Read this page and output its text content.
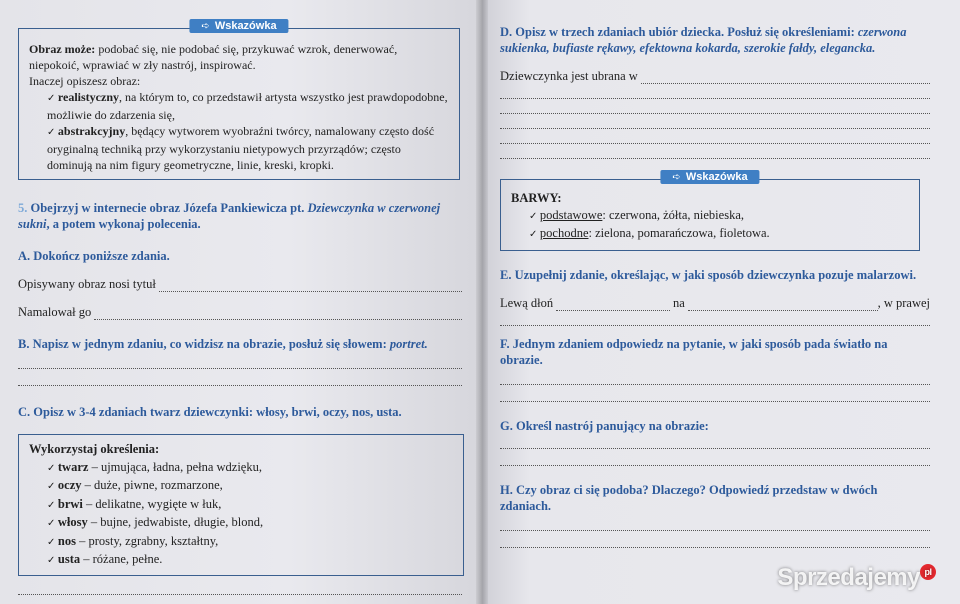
➪ Wskazówka
Obraz może: podobać się, nie podobać się, przykuwać wzrok, denerwować, niepokoić, wprawiać w zły nastrój, inspirować.
Inaczej opiszesz obraz:
✓ realistyczny, na którym to, co przedstawił artysta wszystko jest prawdopodobne, możliwie do zdarzenia się,
✓ abstrakcyjny, będący wytworem wyobraźni twórcy, namalowany często dość oryginalną techniką przy wykorzystaniu nietypowych przyrządów; często dominują na nim figury geometryczne, linie, kreski, kropki.
5. Obejrzyj w internecie obraz Józefa Pankiewicza pt. Dziewczynka w czerwonej sukni, a potem wykonaj polecenia.
A. Dokończ poniższe zdania.
Opisywany obraz nosi tytuł
Namalował go
B. Napisz w jednym zdaniu, co widzisz na obrazie, posłuż się słowem: portret.
C. Opisz w 3-4 zdaniach twarz dziewczynki: włosy, brwi, oczy, nos, usta.
Wykorzystaj określenia:
✓ twarz – ujmująca, ładna, pełna wdzięku,
✓ oczy – duże, piwne, rozmarzone,
✓ brwi – delikatne, wygięte w łuk,
✓ włosy – bujne, jedwabiste, długie, blond,
✓ nos – prosty, zgrabny, kształtny,
✓ usta – różane, pełne.
D. Opisz w trzech zdaniach ubiór dziecka. Posłuż się określeniami: czerwona sukienka, bufiaste rękawy, efektowna kokarda, szerokie fałdy, elegancka.
Dziewczynka jest ubrana w
➪ Wskazówka
BARWY:
✓ podstawowe: czerwona, żółta, niebieska,
✓ pochodne: zielona, pomarańczowa, fioletowa.
E. Uzupełnij zdanie, określając, w jaki sposób dziewczynka pozuje malarzowi.
Lewą dłoń	na	, w prawej
F. Jednym zdaniem odpowiedz na pytanie, w jaki sposób pada światło na obrazie.
G. Określ nastrój panujący na obrazie:
H. Czy obraz ci się podoba? Dlaczego? Odpowiedź przedstaw w dwóch zdaniach.
Sprzedajemy pl
